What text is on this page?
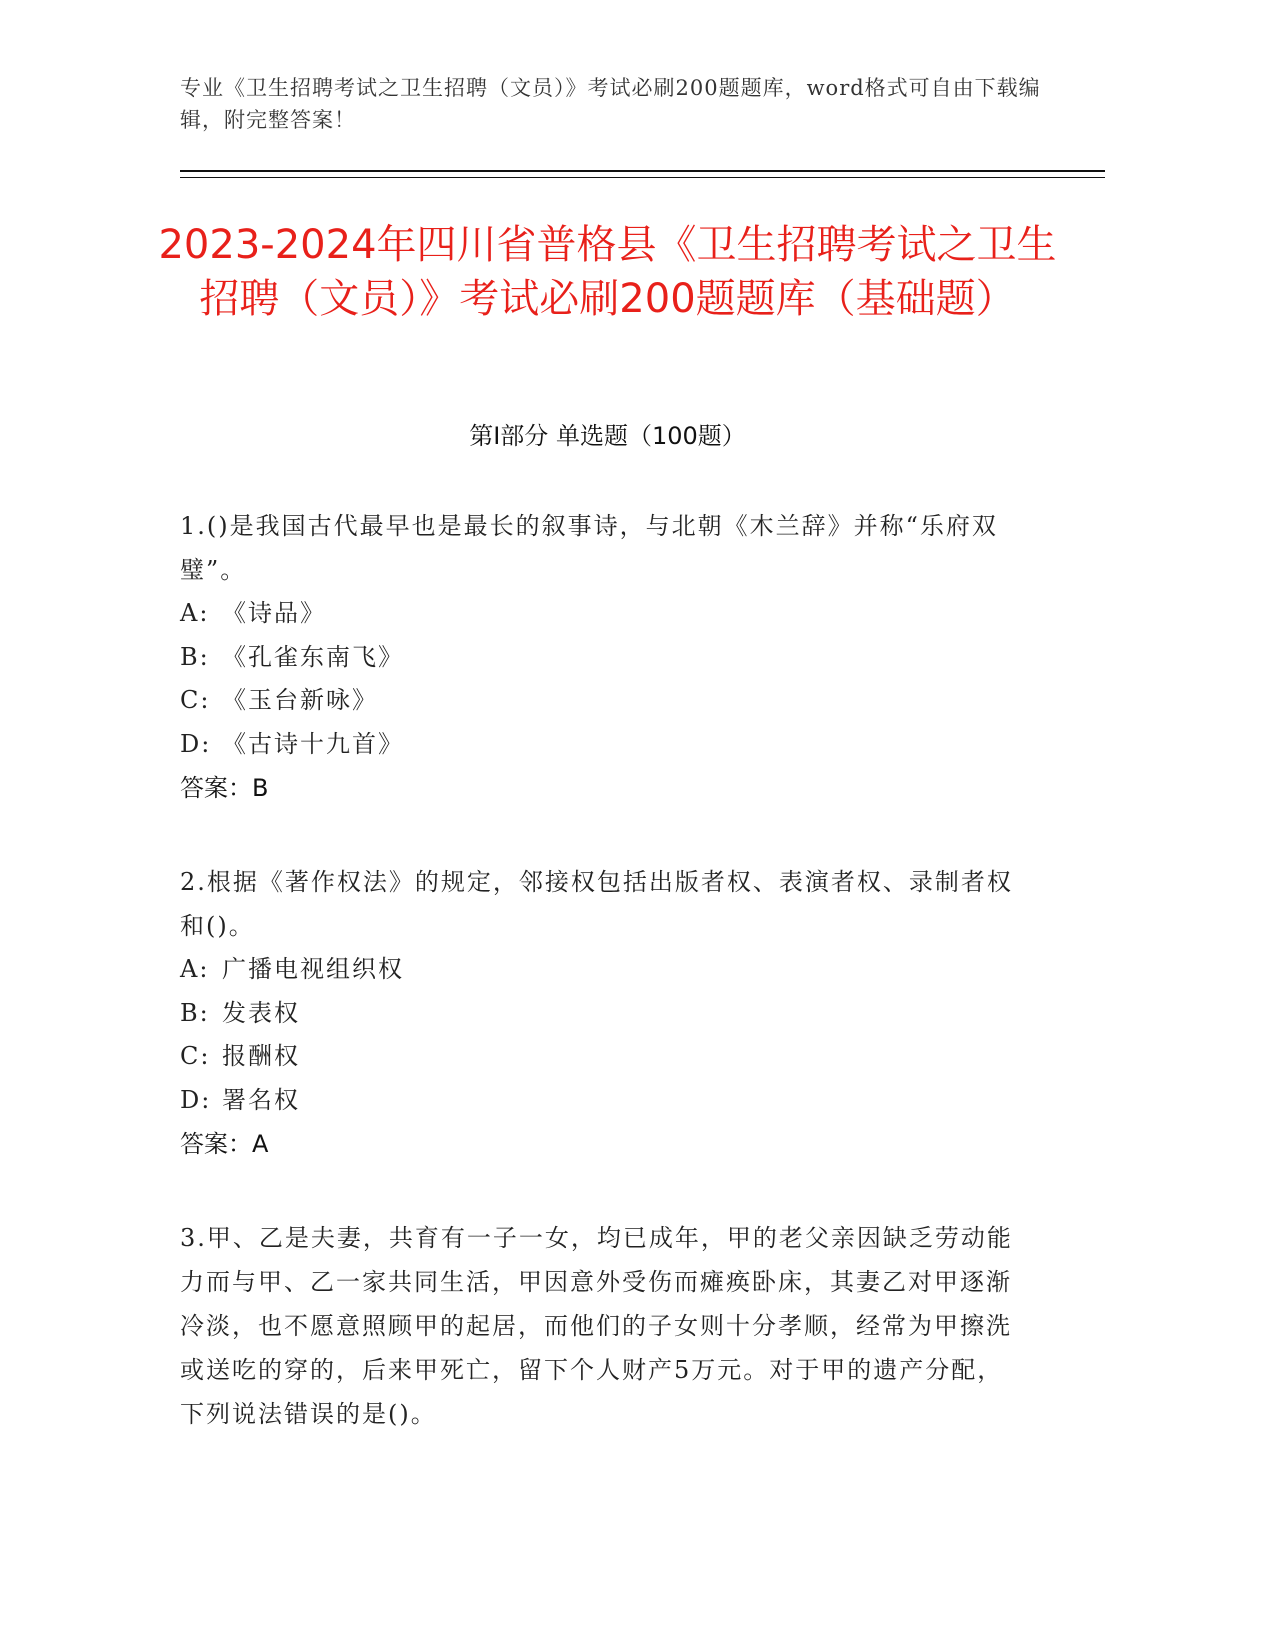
专业《卫生招聘考试之卫生招聘（文员）》考试必刷200题题库，word格式可自由下载编辑，附完整答案！
2023-2024年四川省普格县《卫生招聘考试之卫生招聘（文员）》考试必刷200题题库（基础题）
第I部分 单选题（100题）
1.()是我国古代最早也是最长的叙事诗，与北朝《木兰辞》并称“乐府双璧”。
A: 《诗品》
B: 《孔雀东南飞》
C: 《玉台新咏》
D: 《古诗十九首》
答案：B
2.根据《著作权法》的规定，邻接权包括出版者权、表演者权、录制者权和()。
A: 广播电视组织权
B: 发表权
C: 报酬权
D: 署名权
答案：A
3.甲、乙是夫妻，共育有一子一女，均已成年，甲的老父亲因缺乏劳动能力而与甲、乙一家共同生活，甲因意外受伤而瘫痪卧床，其妻乙对甲逐渐冷淡，也不愿意照顾甲的起居，而他们的子女则十分孝顺，经常为甲擦洗或送吃的穿的，后来甲死亡，留下个人财产5万元。对于甲的遗产分配，下列说法错误的是()。
